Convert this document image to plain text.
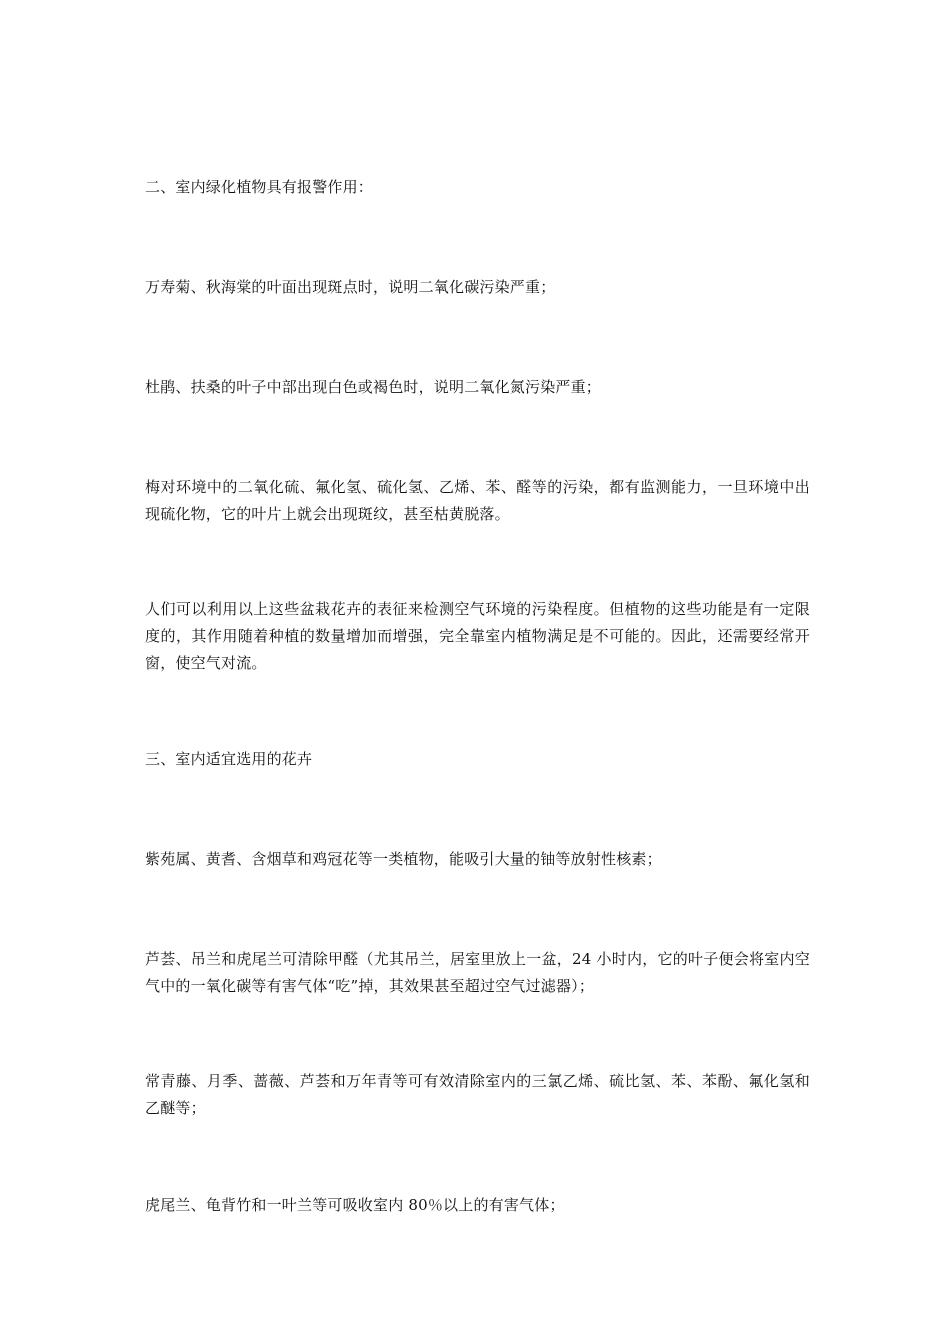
二、室内绿化植物具有报警作用：

万寿菊、秋海棠的叶面出现斑点时，说明二氧化碳污染严重；

杜鹃、扶桑的叶子中部出现白色或褐色时，说明二氧化氮污染严重；

梅对环境中的二氧化硫、氟化氢、硫化氢、乙烯、苯、醛等的污染，都有监测能力，一旦环境中出现硫化物，它的叶片上就会出现斑纹，甚至枯黄脱落。

人们可以利用以上这些盆栽花卉的表征来检测空气环境的污染程度。但植物的这些功能是有一定限度的，其作用随着种植的数量增加而增强，完全靠室内植物满足是不可能的。因此，还需要经常开窗，使空气对流。

三、室内适宜选用的花卉

紫苑属、黄耆、含烟草和鸡冠花等一类植物，能吸引大量的铀等放射性核素；

芦荟、吊兰和虎尾兰可清除甲醛（尤其吊兰，居室里放上一盆，24 小时内，它的叶子便会将室内空气中的一氧化碳等有害气体“吃”掉，其效果甚至超过空气过滤器）；

常青藤、月季、蔷薇、芦荟和万年青等可有效清除室内的三氯乙烯、硫比氢、苯、苯酚、氟化氢和乙醚等；

虎尾兰、龟背竹和一叶兰等可吸收室内 80％以上的有害气体；
